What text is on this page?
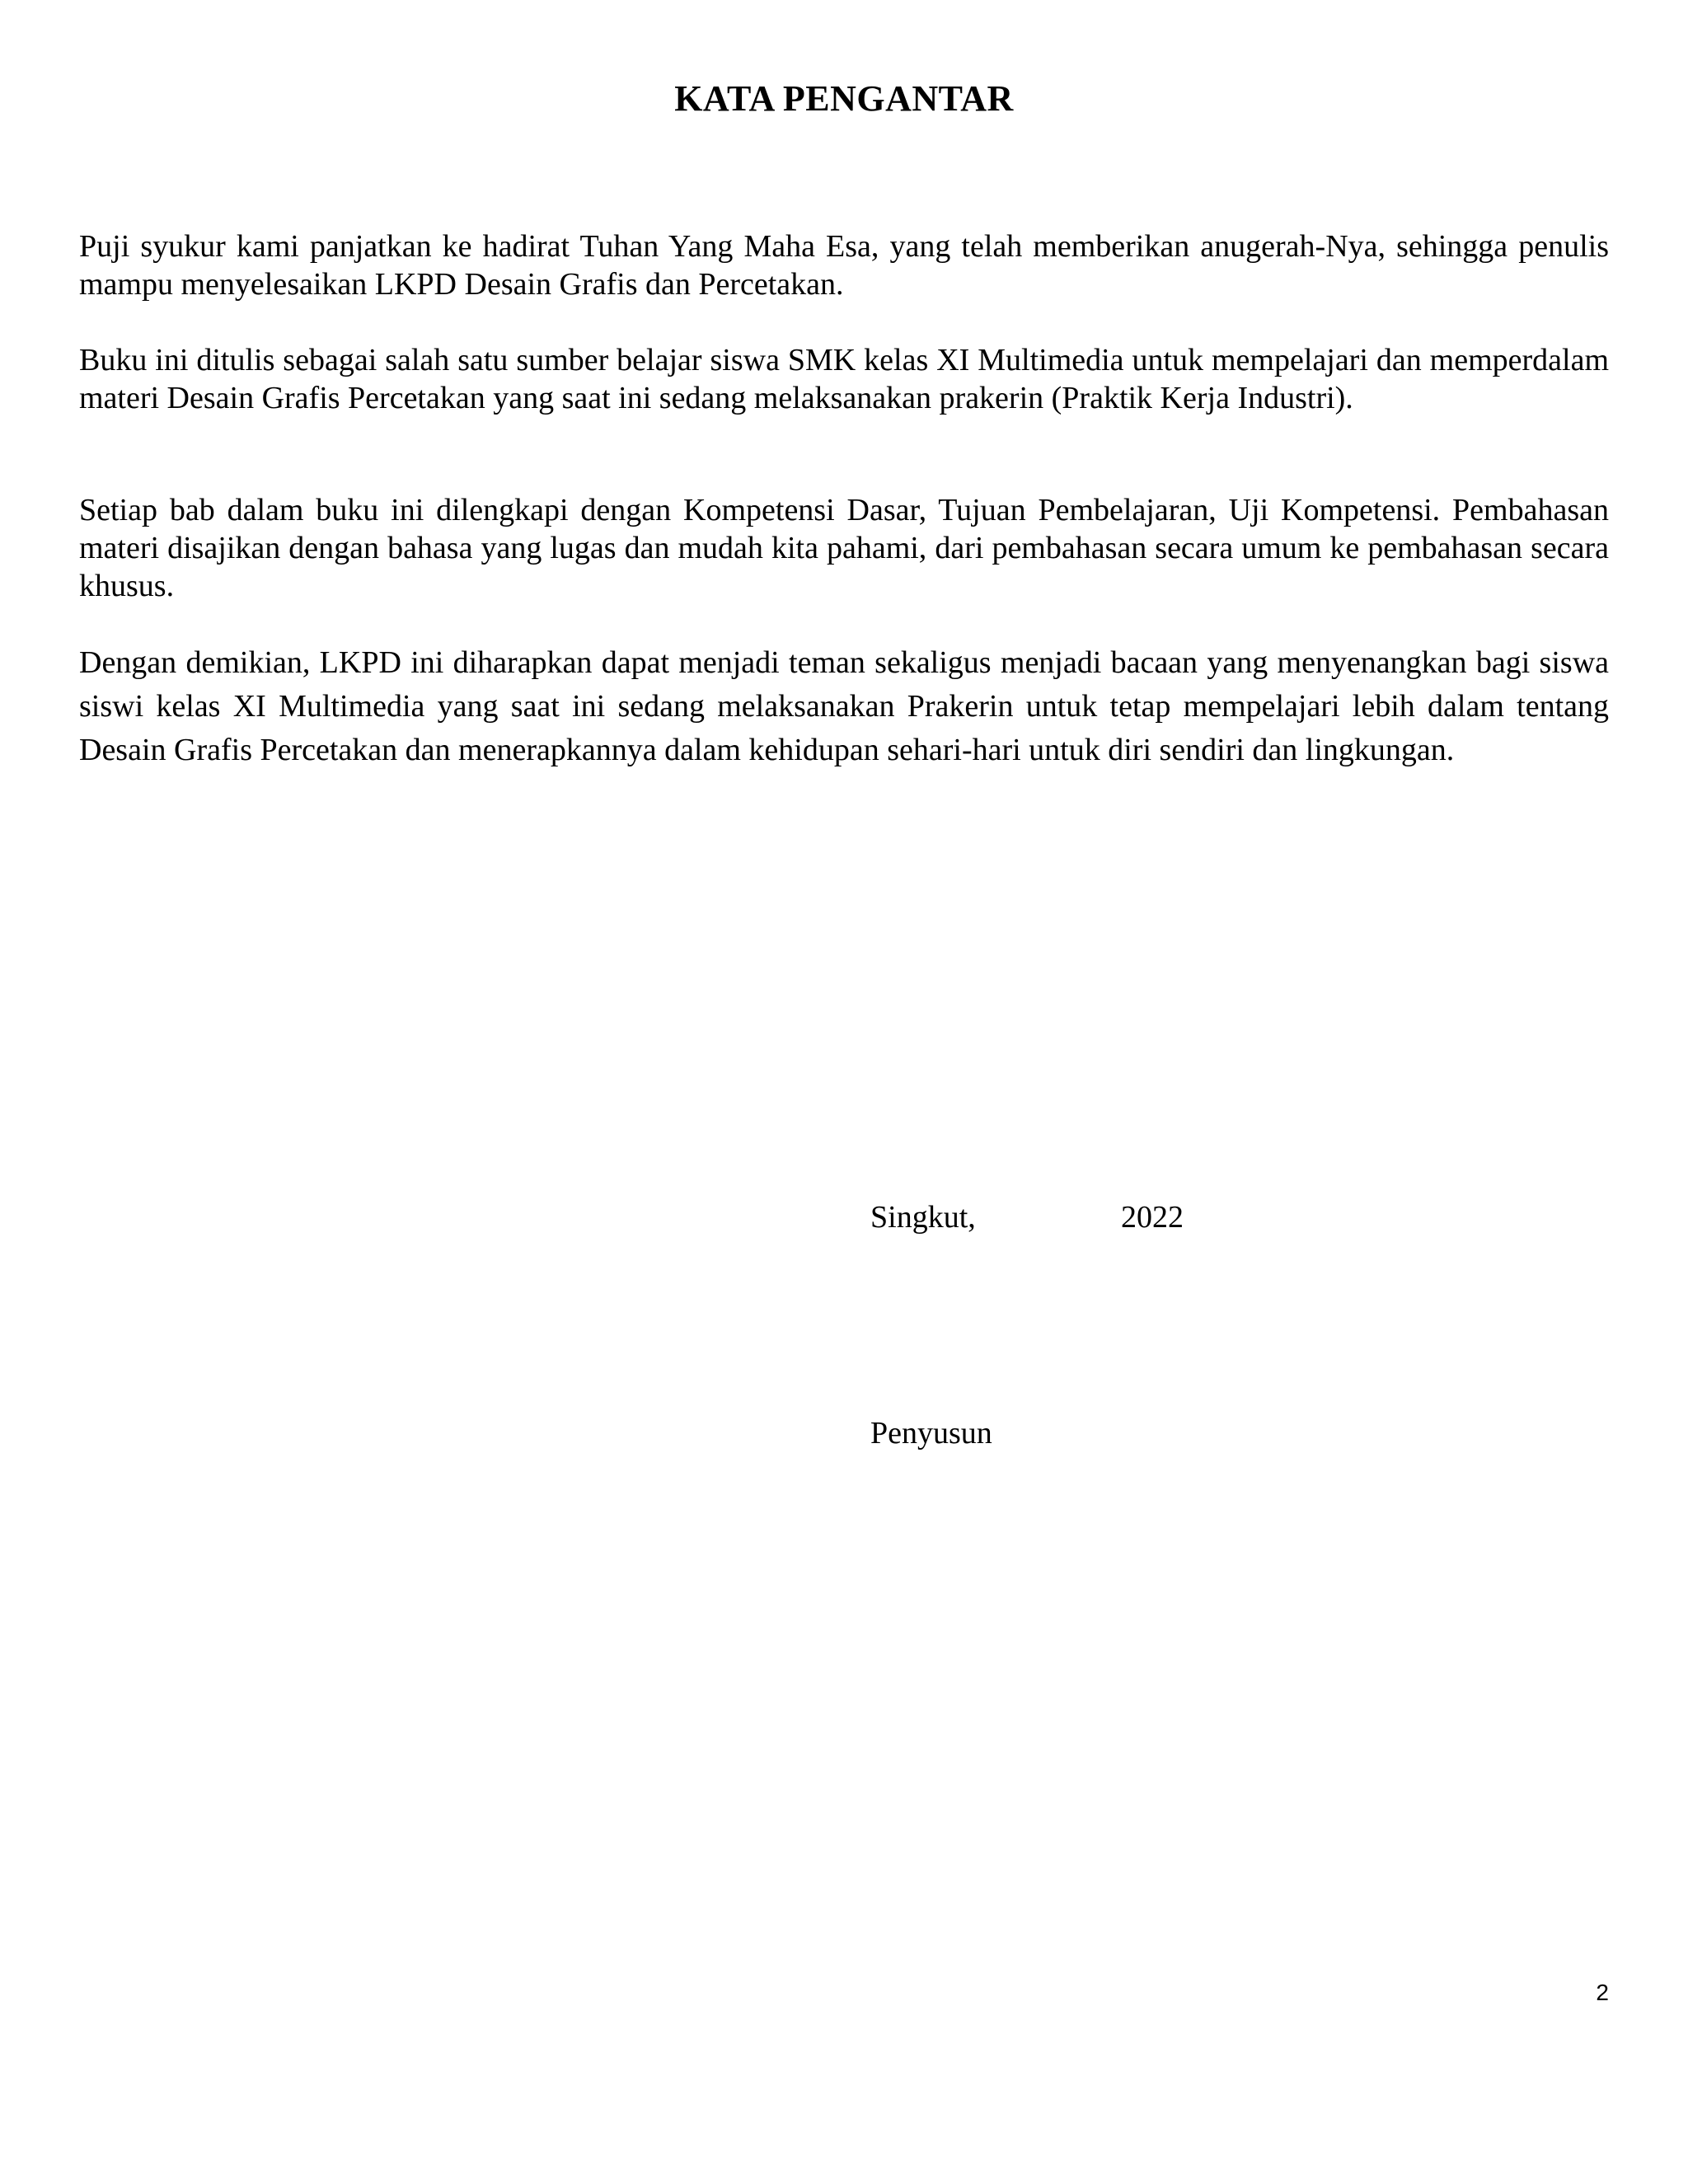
KATA PENGANTAR

Puji syukur kami panjatkan ke hadirat Tuhan Yang Maha Esa, yang telah memberikan anugerah-Nya, sehingga penulis mampu menyelesaikan LKPD Desain Grafis dan Percetakan.

Buku ini ditulis sebagai salah satu sumber belajar siswa SMK kelas XI Multimedia untuk mempelajari dan memperdalam materi Desain Grafis Percetakan yang saat ini sedang melaksanakan prakerin (Praktik Kerja Industri).

Setiap bab dalam buku ini dilengkapi dengan Kompetensi Dasar, Tujuan Pembelajaran, Uji Kompetensi. Pembahasan materi disajikan dengan bahasa yang lugas dan mudah kita pahami, dari pembahasan secara umum ke pembahasan secara khusus.

Dengan demikian, LKPD ini diharapkan dapat menjadi teman sekaligus menjadi bacaan yang menyenangkan bagi siswa siswi kelas XI Multimedia yang saat ini sedang melaksanakan Prakerin untuk tetap mempelajari lebih dalam tentang Desain Grafis Percetakan dan menerapkannya dalam kehidupan sehari-hari untuk diri sendiri dan lingkungan.

Singkut,	2022
Penyusun
2
